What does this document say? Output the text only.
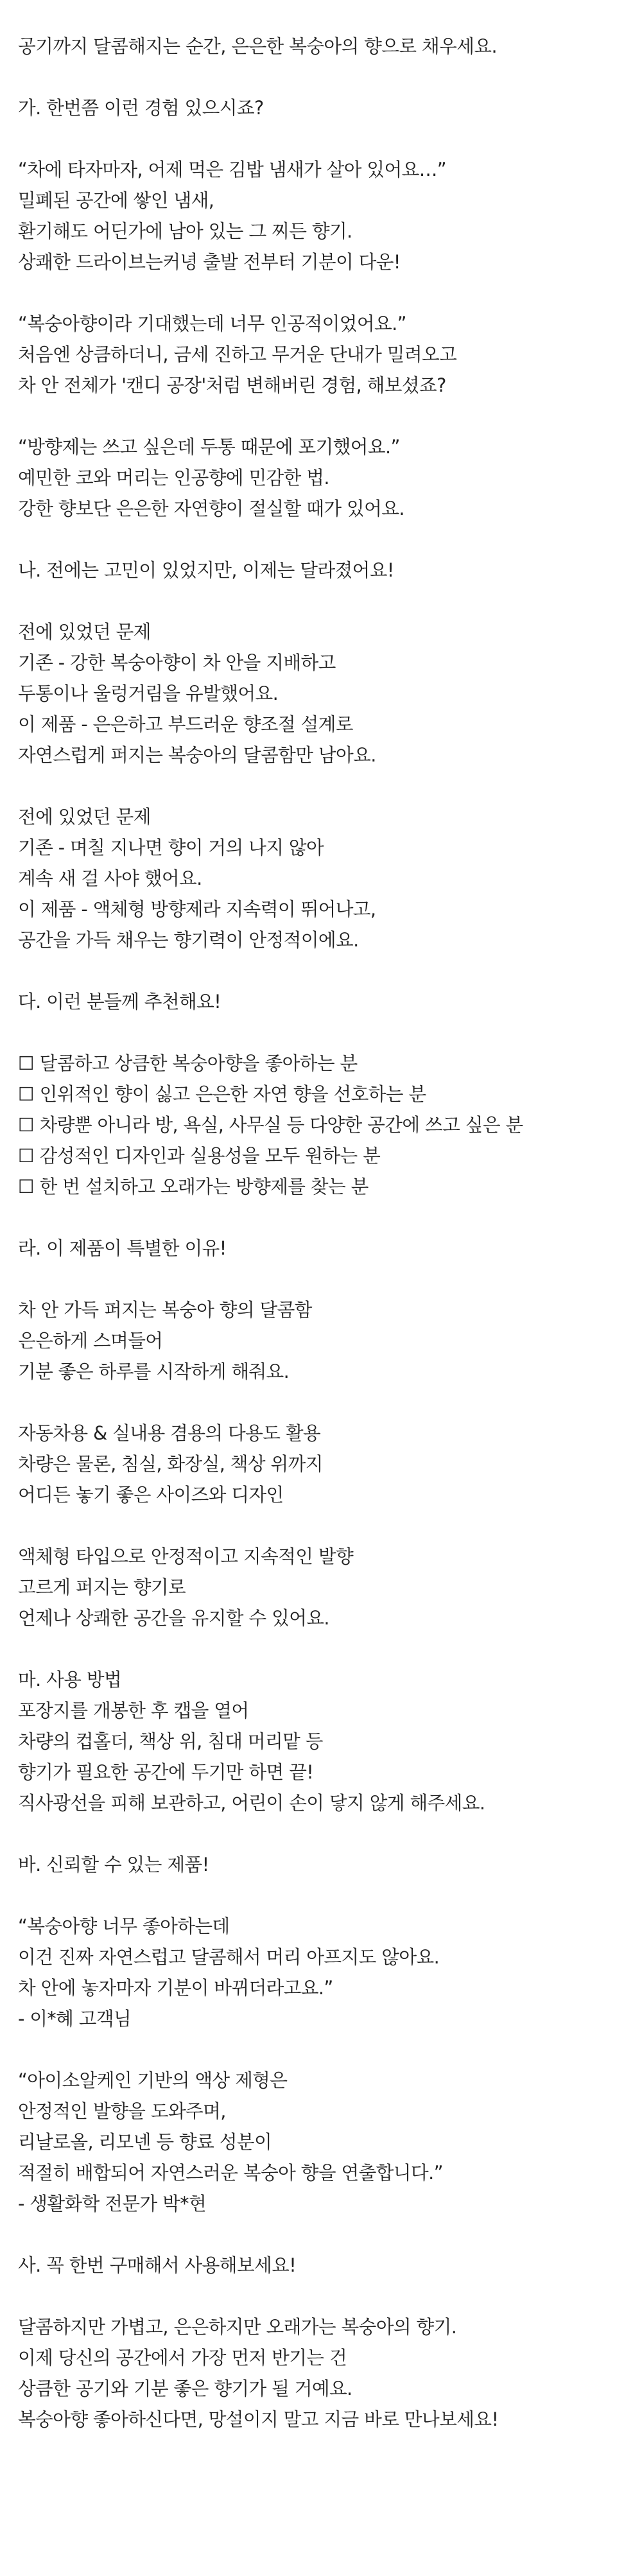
공기까지 달콤해지는 순간, 은은한 복숭아의 향으로 채우세요.
가. 한번쯤 이런 경험 있으시죠?
“차에 타자마자, 어제 먹은 김밥 냄새가 살아 있어요…”
밀폐된 공간에 쌓인 냄새,
환기해도 어딘가에 남아 있는 그 찌든 향기.
상쾌한 드라이브는커녕 출발 전부터 기분이 다운!
“복숭아향이라 기대했는데 너무 인공적이었어요.”
처음엔 상큼하더니, 금세 진하고 무거운 단내가 밀려오고
차 안 전체가 '캔디 공장'처럼 변해버린 경험, 해보셨죠?
“방향제는 쓰고 싶은데 두통 때문에 포기했어요.”
예민한 코와 머리는 인공향에 민감한 법.
강한 향보단 은은한 자연향이 절실할 때가 있어요.
나. 전에는 고민이 있었지만, 이제는 달라졌어요!
전에 있었던 문제
기존 - 강한 복숭아향이 차 안을 지배하고
두통이나 울렁거림을 유발했어요.
이 제품 - 은은하고 부드러운 향조절 설계로
자연스럽게 퍼지는 복숭아의 달콤함만 남아요.
전에 있었던 문제
기존 - 며칠 지나면 향이 거의 나지 않아
계속 새 걸 사야 했어요.
이 제품 - 액체형 방향제라 지속력이 뛰어나고,
공간을 가득 채우는 향기력이 안정적이에요.
다. 이런 분들께 추천해요!
☐ 달콤하고 상큼한 복숭아향을 좋아하는 분
☐ 인위적인 향이 싫고 은은한 자연 향을 선호하는 분
☐ 차량뿐 아니라 방, 욕실, 사무실 등 다양한 공간에 쓰고 싶은 분
☐ 감성적인 디자인과 실용성을 모두 원하는 분
☐ 한 번 설치하고 오래가는 방향제를 찾는 분
라. 이 제품이 특별한 이유!
차 안 가득 퍼지는 복숭아 향의 달콤함
은은하게 스며들어
기분 좋은 하루를 시작하게 해줘요.
자동차용 & 실내용 겸용의 다용도 활용
차량은 물론, 침실, 화장실, 책상 위까지
어디든 놓기 좋은 사이즈와 디자인
액체형 타입으로 안정적이고 지속적인 발향
고르게 퍼지는 향기로
언제나 상쾌한 공간을 유지할 수 있어요.
마. 사용 방법
포장지를 개봉한 후 캡을 열어
차량의 컵홀더, 책상 위, 침대 머리맡 등
향기가 필요한 공간에 두기만 하면 끝!
직사광선을 피해 보관하고, 어린이 손이 닿지 않게 해주세요.
바. 신뢰할 수 있는 제품!
“복숭아향 너무 좋아하는데
이건 진짜 자연스럽고 달콤해서 머리 아프지도 않아요.
차 안에 놓자마자 기분이 바뀌더라고요.”
- 이*혜 고객님
“아이소알케인 기반의 액상 제형은
안정적인 발향을 도와주며,
리날로올, 리모넨 등 향료 성분이
적절히 배합되어 자연스러운 복숭아 향을 연출합니다.”
- 생활화학 전문가 박*현
사. 꼭 한번 구매해서 사용해보세요!
달콤하지만 가볍고, 은은하지만 오래가는 복숭아의 향기.
이제 당신의 공간에서 가장 먼저 반기는 건
상큼한 공기와 기분 좋은 향기가 될 거예요.
복숭아향 좋아하신다면, 망설이지 말고 지금 바로 만나보세요!
